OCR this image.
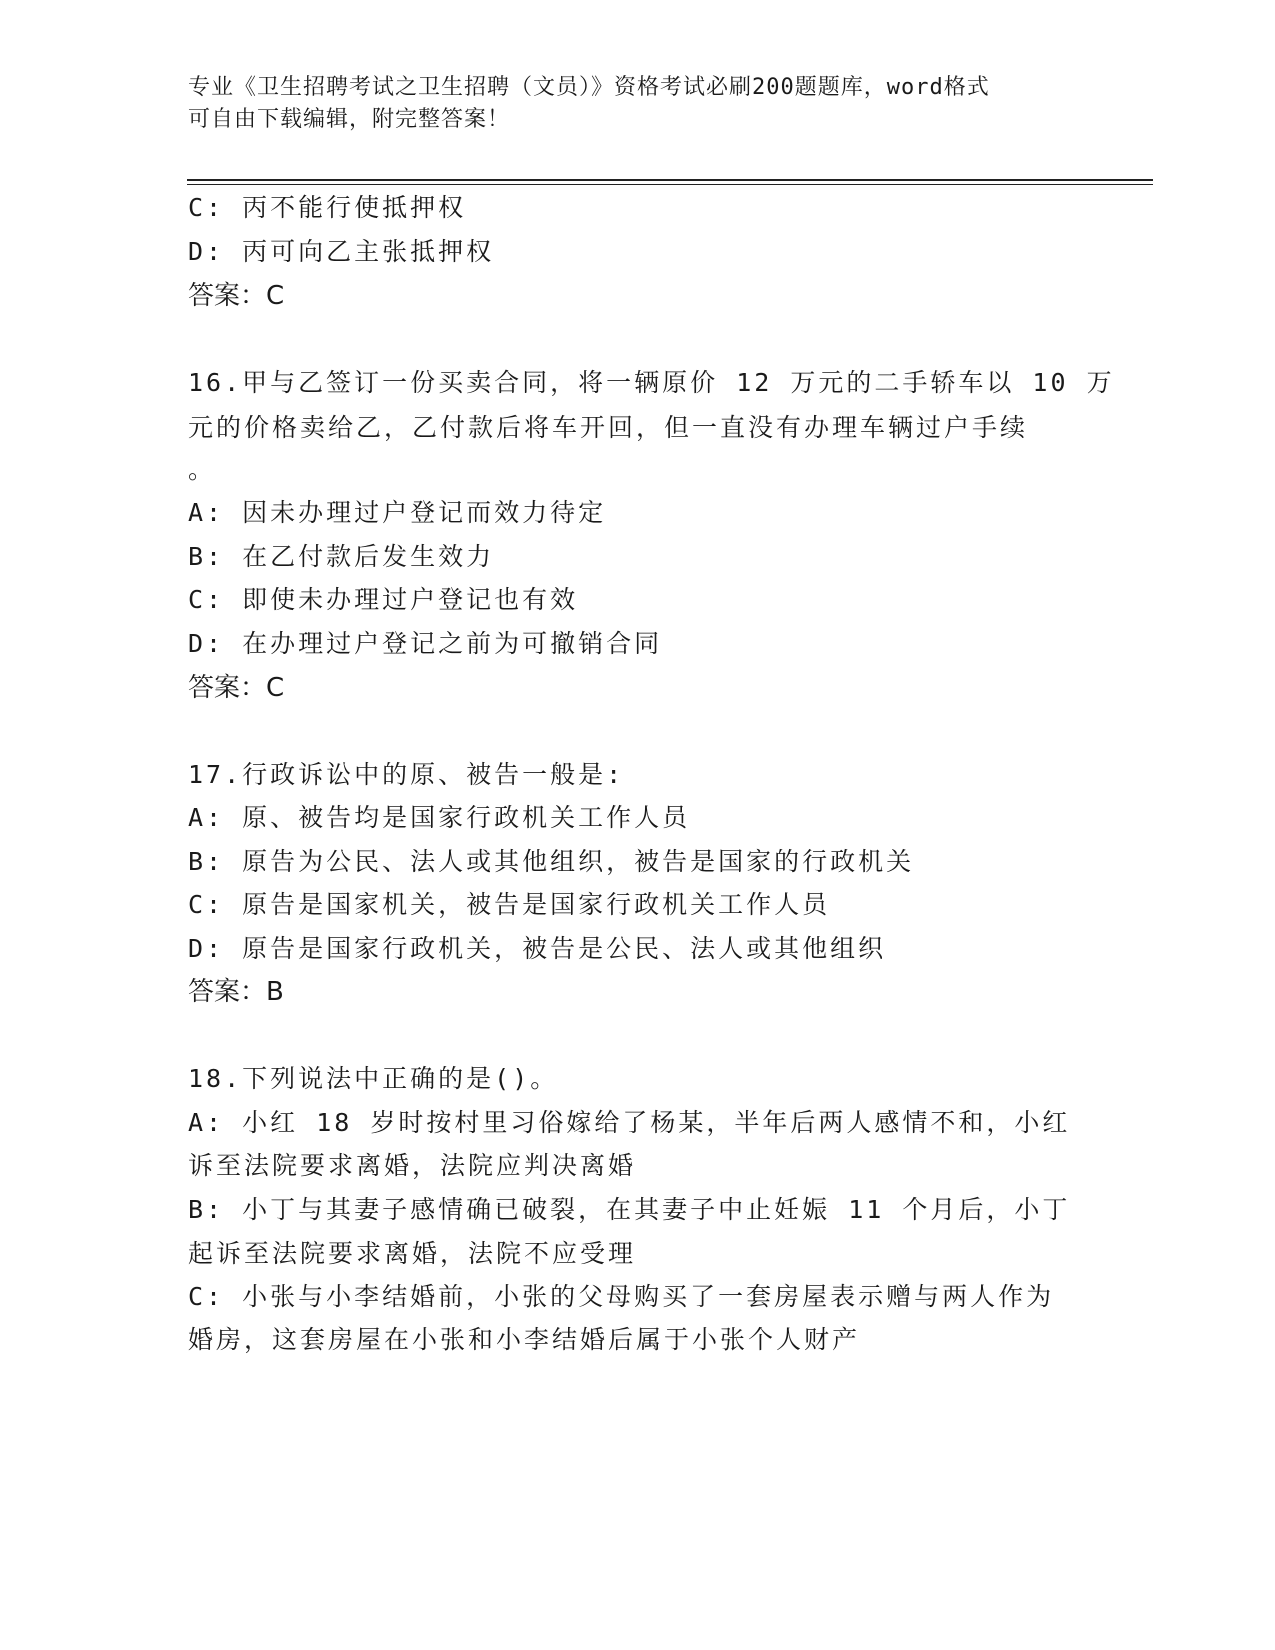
专业《卫生招聘考试之卫生招聘（文员）》资格考试必刷200题题库，word格式
可自由下载编辑，附完整答案！
C: 丙不能行使抵押权
D: 丙可向乙主张抵押权
答案：C
16.甲与乙签订一份买卖合同，将一辆原价 12 万元的二手轿车以 10 万
元的价格卖给乙，乙付款后将车开回，但一直没有办理车辆过户手续
。
A: 因未办理过户登记而效力待定
B: 在乙付款后发生效力
C: 即使未办理过户登记也有效
D: 在办理过户登记之前为可撤销合同
答案：C
17.行政诉讼中的原、被告一般是:
A: 原、被告均是国家行政机关工作人员
B: 原告为公民、法人或其他组织，被告是国家的行政机关
C: 原告是国家机关，被告是国家行政机关工作人员
D: 原告是国家行政机关，被告是公民、法人或其他组织
答案：B
18.下列说法中正确的是()。
A: 小红 18 岁时按村里习俗嫁给了杨某，半年后两人感情不和，小红
诉至法院要求离婚，法院应判决离婚
B: 小丁与其妻子感情确已破裂，在其妻子中止妊娠 11 个月后，小丁
起诉至法院要求离婚，法院不应受理
C: 小张与小李结婚前，小张的父母购买了一套房屋表示赠与两人作为
婚房，这套房屋在小张和小李结婚后属于小张个人财产
